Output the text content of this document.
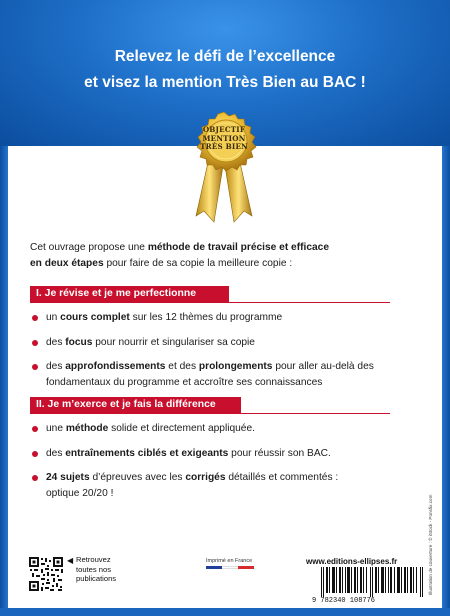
Relevez le défi de l’excellence
et visez la mention Très Bien au BAC !
OBJECTIF
MENTION
TRÈS BIEN

Cet ouvrage propose une méthode de travail précise et efficace

en deux étapes pour faire de sa copie la meilleure copie :

I. Je révise et je me perfectionne
un cours complet sur les 12 thèmes du programme
des focus pour nourrir et singulariser sa copie
des approfondissements et des prolongements pour aller au-delà des
fondamentaux du programme et accroître ses connaissances
II. Je m’exerce et je fais la différence
une méthode solide et directement appliquée.
des entraînements ciblés et exigeants pour réussir son BAC.
24 sujets d’épreuves avec les corrigés détaillés et commentés :
optique 20/20 !
◀ Retrouvez
toutes nos
publications
Imprimé en France	www.editions-ellipses.fr
9 782340 108776
Illustration de couverture : © iStock - Ponsfix.com
